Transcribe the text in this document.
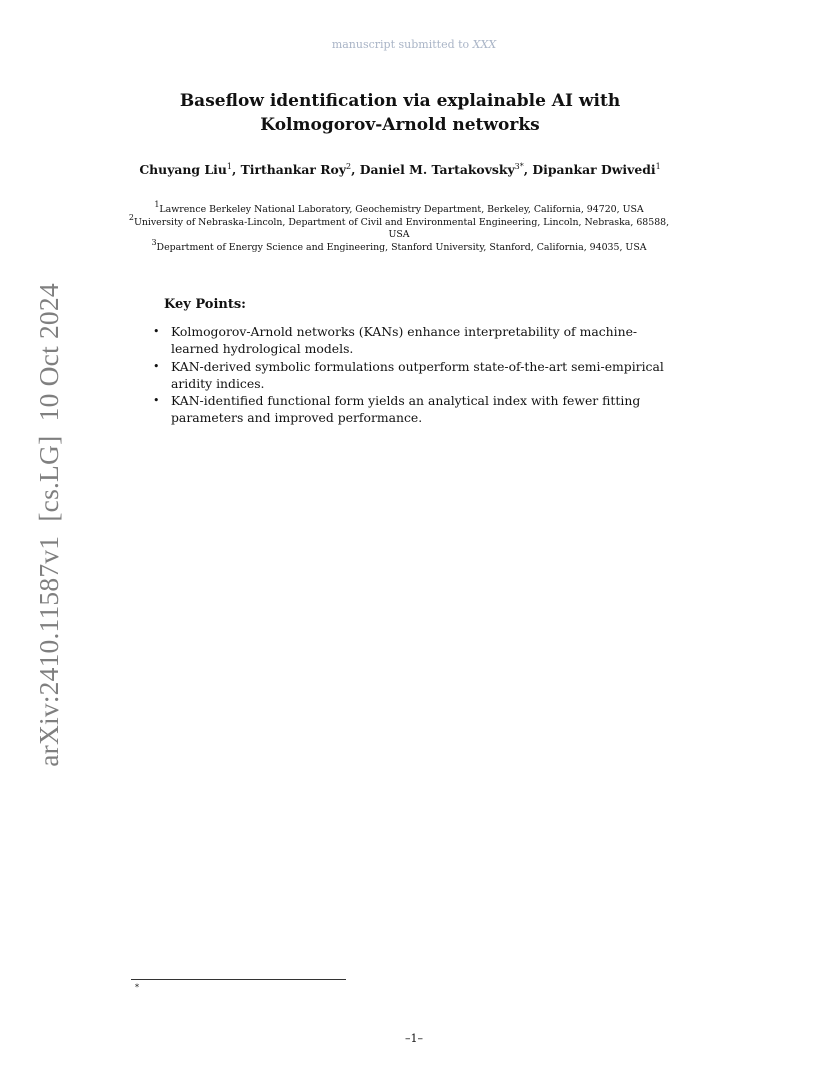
manuscript submitted to XXX
Baseflow identification via explainable AI with
Kolmogorov-Arnold networks
Chuyang Liu$^1$, Tirthankar Roy$^2$, Daniel M. Tartakovsky$^{3*}$, Dipankar Dwivedi$^1$
$^1$Lawrence Berkeley National Laboratory, Geochemistry Department, Berkeley, California, 94720, USA
$^2$University of Nebraska-Lincoln, Department of Civil and Environmental Engineering, Lincoln, Nebraska, 68588, USA
$^3$Department of Energy Science and Engineering, Stanford University, Stanford, California, 94035, USA
arXiv:2410.11587v1  [cs.LG]  10 Oct 2024	Key Points:
• Kolmogorov-Arnold networks (KANs) enhance interpretability of machine-learned hydrological models.
• KAN-derived symbolic formulations outperform state-of-the-art semi-empirical aridity indices.
• KAN-identified functional form yields an analytical index with fewer fitting parameters and improved performance.
*
–1–
